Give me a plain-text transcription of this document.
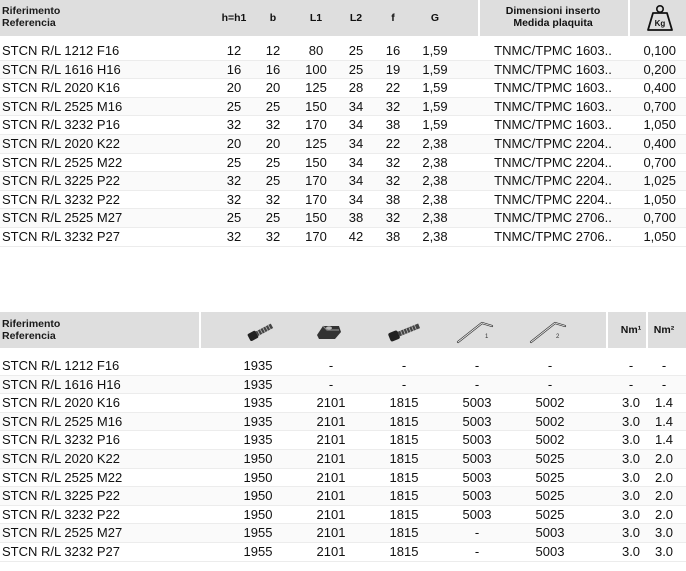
Riferimento
Referencia	h=h1 b	L1	L2	f	G
Dimensioni inserto
Medida plaquita	Kg
STCN R/L 1212 F16	12 12 80 25 16 1,59	TNMC/TPMC 1603.. 0,100
STCN R/L 1616 H16	16 16 100 25 19 1,59	TNMC/TPMC 1603.. 0,200
STCN R/L 2020 K16	20 20 125 28 22 1,59	TNMC/TPMC 1603.. 0,400
STCN R/L 2525 M16	25 25 150 34 32 1,59	TNMC/TPMC 1603.. 0,700
STCN R/L 3232 P16	32 32 170 34 38 1,59	TNMC/TPMC 1603.. 1,050
STCN R/L 2020 K22	20 20 125 34 22 2,38	TNMC/TPMC 2204.. 0,400
STCN R/L 2525 M22	25 25 150 34 32 2,38	TNMC/TPMC 2204.. 0,700
STCN R/L 3225 P22	32 25 170 34 32 2,38	TNMC/TPMC 2204.. 1,025
STCN R/L 3232 P22	32 32 170 34 38 2,38	TNMC/TPMC 2204.. 1,050
STCN R/L 2525 M27	25 25 150 38 32 2,38	TNMC/TPMC 2706.. 0,700
STCN R/L 3232 P27	32 32 170 42 38 2,38	TNMC/TPMC 2706.. 1,050
Riferimento
Referencia	1	2
Nm¹ Nm²
STCN R/L 1212 F16	1935	-	-	-	-	- -
STCN R/L 1616 H16	1935	-	-	-	-	- -
STCN R/L 2020 K16	1935	2101	1815	5003	5002	3.0 1.4
STCN R/L 2525 M16	1935	2101	1815	5003	5002	3.0 1.4
STCN R/L 3232 P16	1935	2101	1815	5003	5002	3.0 1.4
STCN R/L 2020 K22	1950	2101	1815	5003	5025	3.0 2.0
STCN R/L 2525 M22	1950	2101	1815	5003	5025	3.0 2.0
STCN R/L 3225 P22	1950	2101	1815	5003	5025	3.0 2.0
STCN R/L 3232 P22	1950	2101	1815	5003	5025	3.0 2.0
STCN R/L 2525 M27	1955	2101	1815	-	5003	3.0 3.0
STCN R/L 3232 P27	1955	2101	1815	-	5003	3.0 3.0
